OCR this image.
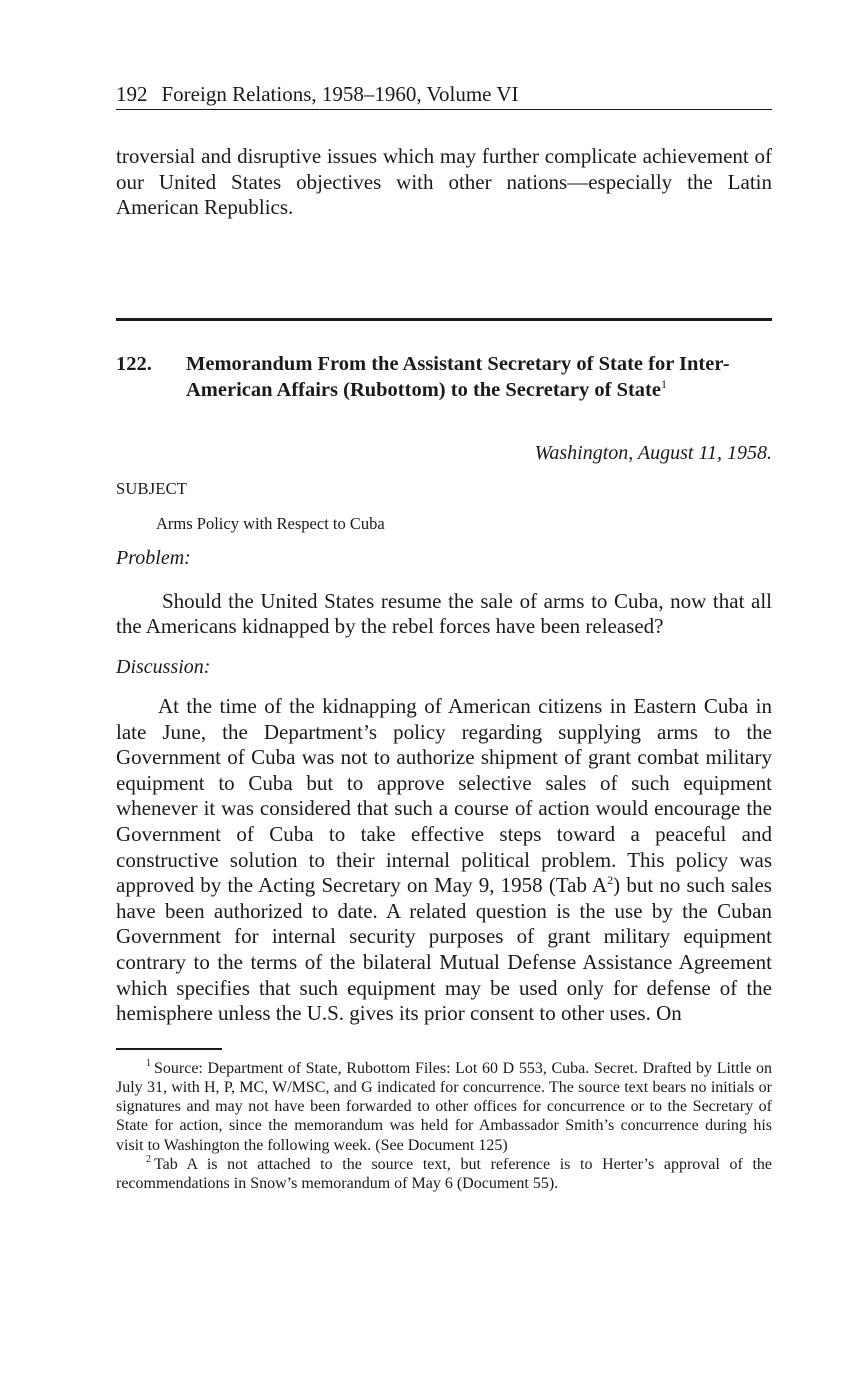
192 Foreign Relations, 1958–1960, Volume VI

troversial and disruptive issues which may further complicate achievement of our United States objectives with other nations—especially the Latin American Republics.

122.	Memorandum From the Assistant Secretary of State for Inter-American Affairs (Rubottom) to the Secretary of State$^1$
Washington, August 11, 1958.
SUBJECT
Arms Policy with Respect to Cuba
Problem:

Should the United States resume the sale of arms to Cuba, now that all the Americans kidnapped by the rebel forces have been released?

Discussion:

At the time of the kidnapping of American citizens in Eastern Cuba in late June, the Department’s policy regarding supplying arms to the Government of Cuba was not to authorize shipment of grant combat military equipment to Cuba but to approve selective sales of such equipment whenever it was considered that such a course of action would encourage the Government of Cuba to take effective steps toward a peaceful and constructive solution to their internal political problem. This policy was approved by the Acting Secretary on May 9, 1958 (Tab $A^2$) but no such sales have been authorized to date. A related question is the use by the Cuban Government for internal security purposes of grant military equipment contrary to the terms of the bilateral Mutual Defense Assistance Agreement which specifies that such equipment may be used only for defense of the hemisphere unless the U.S. gives its prior consent to other uses. On

$^1$ Source: Department of State, Rubottom Files: Lot 60 D 553, Cuba. Secret. Drafted by Little on July 31, with H, P, MC, W/MSC, and G indicated for concurrence. The source text bears no initials or signatures and may not have been forwarded to other offices for concurrence or to the Secretary of State for action, since the memorandum was held for Ambassador Smith’s concurrence during his visit to Washington the following week. (See Document 125)

$^2$ Tab A is not attached to the source text, but reference is to Herter’s approval of the recommendations in Snow’s memorandum of May 6 (Document 55).
